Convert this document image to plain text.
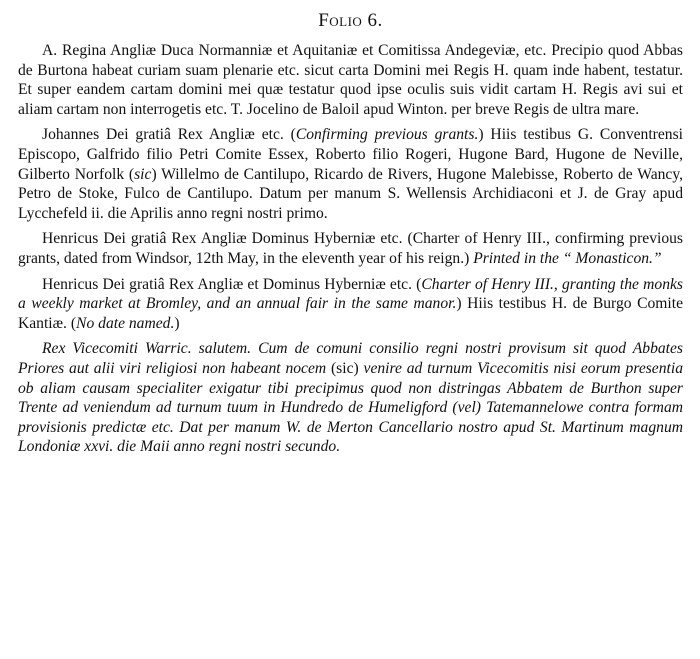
Folio 6.
A. Regina Angliæ Duca Normanniæ et Aquitaniæ et Comitissa Andegeviæ, etc. Precipio quod Abbas de Burtona habeat curiam suam plenarie etc. sicut carta Domini mei Regis H. quam inde habent, testatur. Et super eandem cartam domini mei quæ testatur quod ipse oculis suis vidit cartam H. Regis avi sui et aliam cartam non interrogetis etc. T. Jocelino de Baloil apud Winton. per breve Regis de ultra mare.
Johannes Dei gratiâ Rex Angliæ etc. (Confirming previous grants.) Hiis testibus G. Conventrensi Episcopo, Galfrido filio Petri Comite Essex, Roberto filio Rogeri, Hugone Bard, Hugone de Neville, Gilberto Norfolk (sic) Willelmo de Cantilupo, Ricardo de Rivers, Hugone Malebisse, Roberto de Wancy, Petro de Stoke, Fulco de Cantilupo. Datum per manum S. Wellensis Archidiaconi et J. de Gray apud Lycchefeld ii. die Aprilis anno regni nostri primo.
Henricus Dei gratiâ Rex Angliæ Dominus Hyberniæ etc. (Charter of Henry III., confirming previous grants, dated from Windsor, 12th May, in the eleventh year of his reign.) Printed in the “ Monasticon.”
Henricus Dei gratiâ Rex Angliæ et Dominus Hyberniæ etc. (Charter of Henry III., granting the monks a weekly market at Bromley, and an annual fair in the same manor.) Hiis testibus H. de Burgo Comite Kantiæ. (No date named.)
Rex Vicecomiti Warric. salutem. Cum de comuni consilio regni nostri provisum sit quod Abbates Priores aut alii viri religiosi non habeant nocem (sic) venire ad turnum Vicecomitis nisi eorum presentia ob aliam causam specialiter exigatur tibi precipimus quod non distringas Abbatem de Burthon super Trente ad veniendum ad turnum tuum in Hundredo de Humeligford (vel) Tatemannelowe contra formam provisionis predictæ etc. Dat per manum W. de Merton Cancellario nostro apud St. Martinum magnum Londoniæ xxvi. die Maii anno regni nostri secundo.
